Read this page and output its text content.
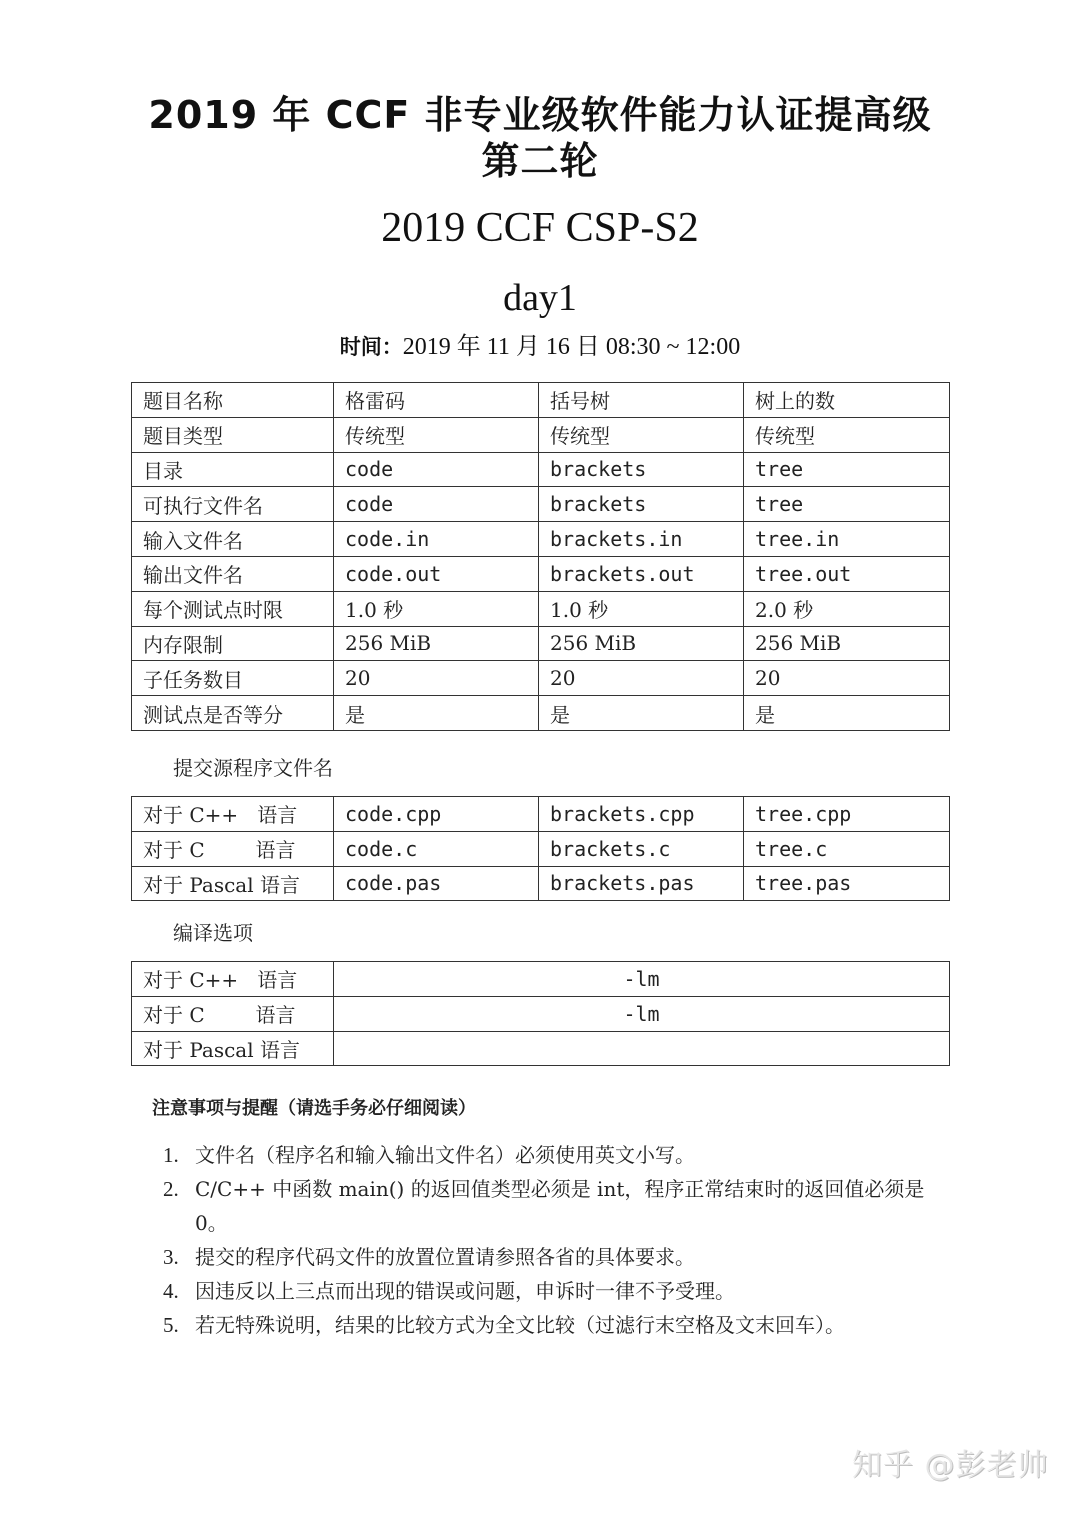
2019 年 CCF 非专业级软件能力认证提高级
第二轮
2019 CCF CSP-S2
day1
时间：2019 年 11 月 16 日 08:30 ~ 12:00
题目名称	格雷码	括号树	树上的数
题目类型	传统型	传统型	传统型
目录	code	brackets	tree
可执行文件名	code	brackets	tree
输入文件名	code.in	brackets.in	tree.in
输出文件名	code.out	brackets.out	tree.out
每个测试点时限	1.0 秒	1.0 秒	2.0 秒
内存限制	256 MiB	256 MiB	256 MiB
子任务数目	20	20	20
测试点是否等分	是	是	是
提交源程序文件名
对于 C++   语言	code.cpp	brackets.cpp	tree.cpp
对于 C        语言	code.c	brackets.c	tree.c
对于 Pascal 语言	code.pas	brackets.pas	tree.pas
编译选项
对于 C++   语言	-lm
对于 C        语言	-lm
对于 Pascal 语言	
注意事项与提醒（请选手务必仔细阅读）
1. 文件名（程序名和输入输出文件名）必须使用英文小写。
2. C/C++ 中函数 main() 的返回值类型必须是 int，程序正常结束时的返回值必须是 0。
3. 提交的程序代码文件的放置位置请参照各省的具体要求。
4. 因违反以上三点而出现的错误或问题，申诉时一律不予受理。
5. 若无特殊说明，结果的比较方式为全文比较（过滤行末空格及文末回车）。
知乎 @彭老帅
